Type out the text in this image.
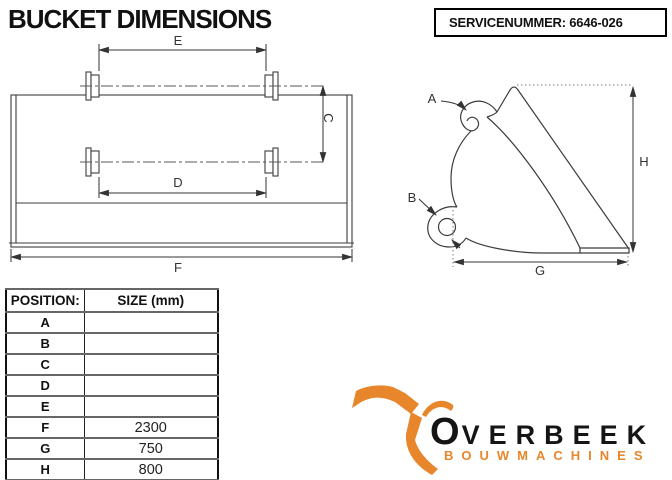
BUCKET DIMENSIONS	SERVICENUMMER: 6646-026
E
C
D
F
A
B
G
H
POSITION:	SIZE (mm)
A	
B	
C	
D	
E	
F	2300
G	750
H	800
O VERBEEK
BOUWMACHINES
